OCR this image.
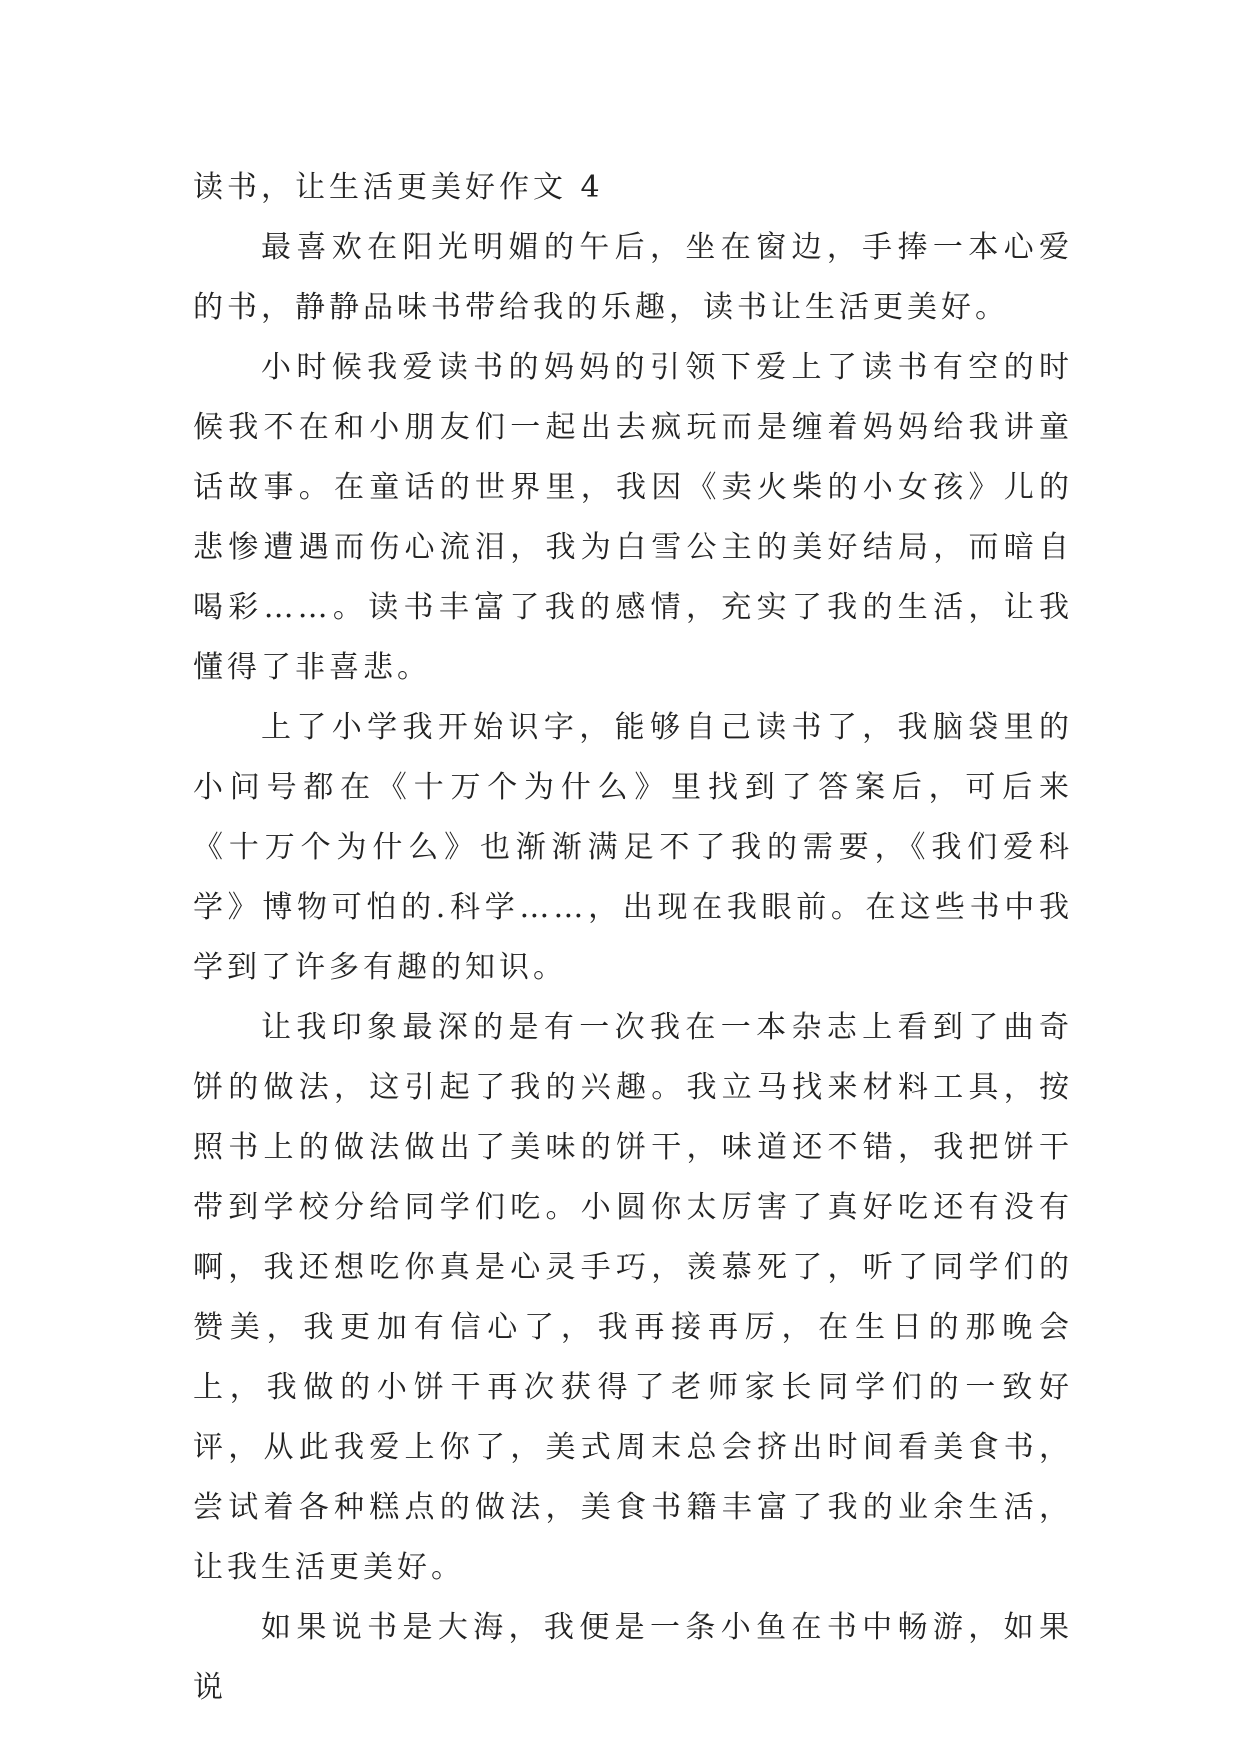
读书，让生活更美好作文 4

最喜欢在阳光明媚的午后，坐在窗边，手捧一本心爱的书，静静品味书带给我的乐趣，读书让生活更美好。

小时候我爱读书的妈妈的引领下爱上了读书有空的时候我不在和小朋友们一起出去疯玩而是缠着妈妈给我讲童话故事。在童话的世界里，我因《卖火柴的小女孩》儿的悲惨遭遇而伤心流泪，我为白雪公主的美好结局，而暗自喝彩……。读书丰富了我的感情，充实了我的生活，让我懂得了非喜悲。

上了小学我开始识字，能够自己读书了，我脑袋里的小问号都在《十万个为什么》里找到了答案后，可后来《十万个为什么》也渐渐满足不了我的需要，《我们爱科学》博物可怕的.科学……，出现在我眼前。在这些书中我学到了许多有趣的知识。

让我印象最深的是有一次我在一本杂志上看到了曲奇饼的做法，这引起了我的兴趣。我立马找来材料工具，按照书上的做法做出了美味的饼干，味道还不错，我把饼干带到学校分给同学们吃。小圆你太厉害了真好吃还有没有啊，我还想吃你真是心灵手巧，羡慕死了，听了同学们的赞美，我更加有信心了，我再接再厉，在生日的那晚会上，我做的小饼干再次获得了老师家长同学们的一致好评，从此我爱上你了，美式周末总会挤出时间看美食书，尝试着各种糕点的做法，美食书籍丰富了我的业余生活，让我生活更美好。

如果说书是大海，我便是一条小鱼在书中畅游，如果说
